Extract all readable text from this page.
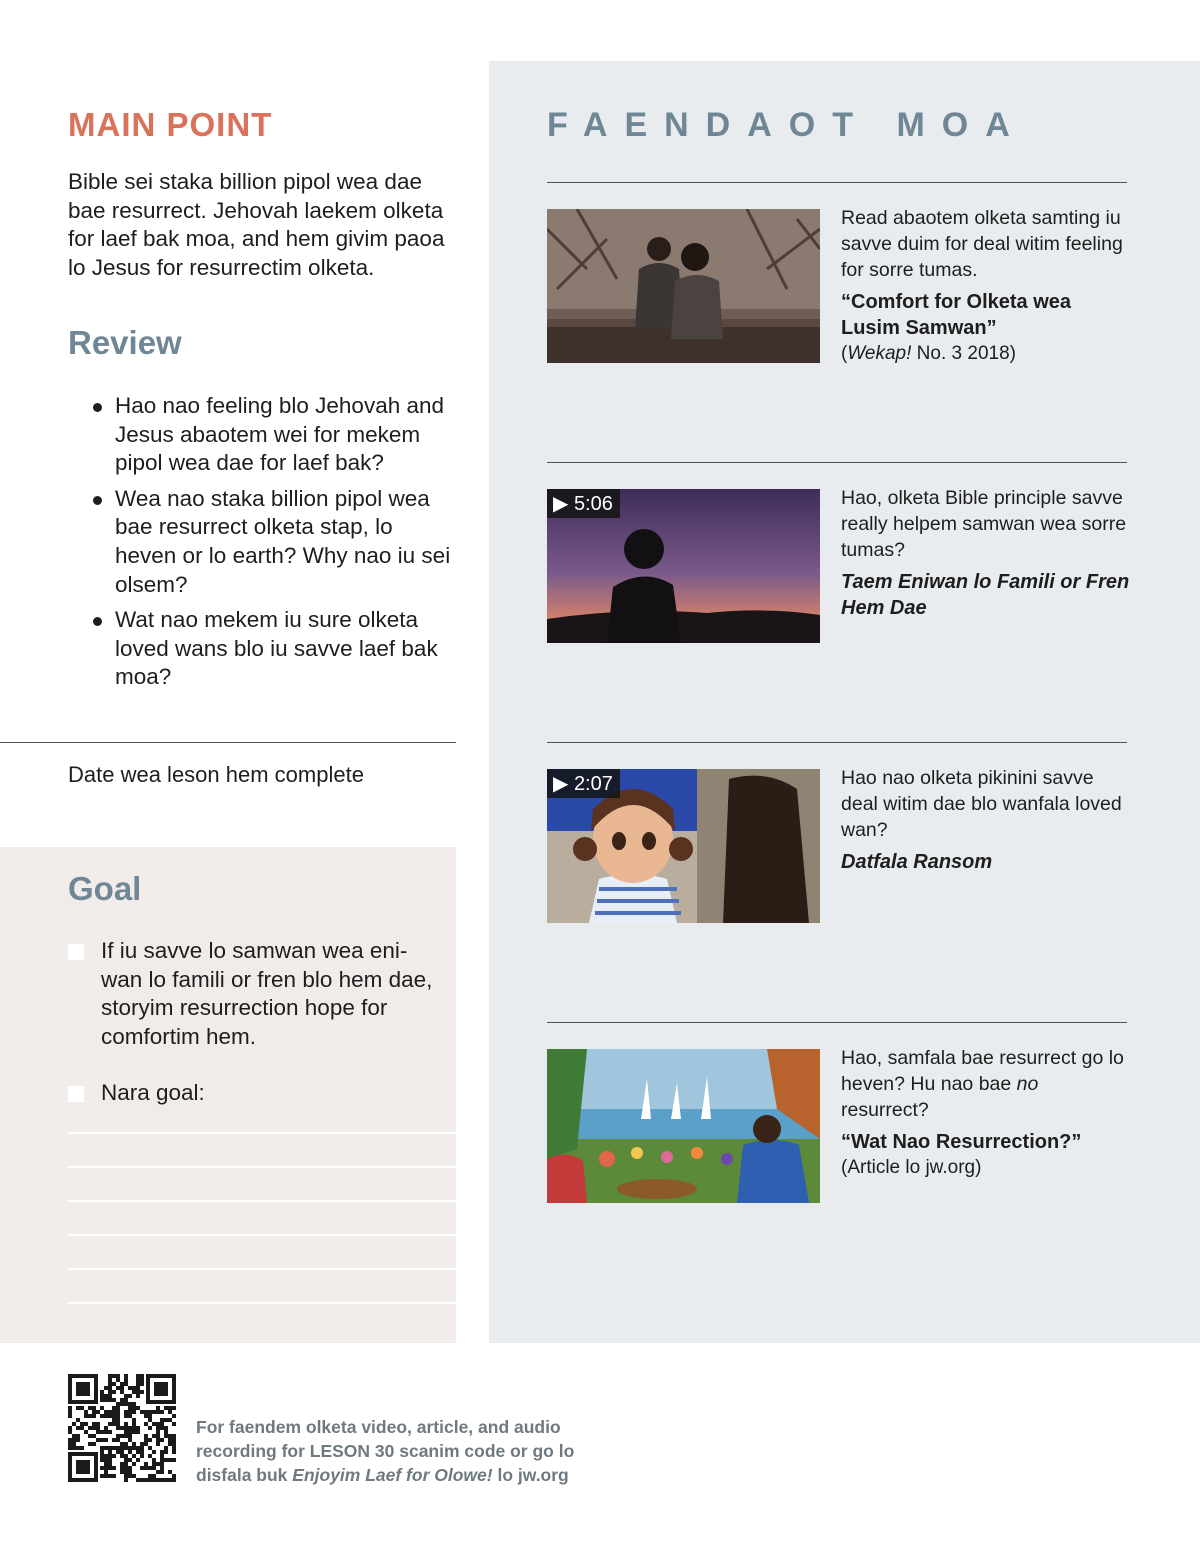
MAIN POINT

Bible sei staka billion pipol wea dae bae resurrect. Jehovah laekem olketa for laef bak moa, and hem givim paoa lo Jesus for resurrectim olketa.

Review
Hao nao feeling blo Jehovah and Jesus abaotem wei for mekem pipol wea dae for laef bak?
Wea nao staka billion pipol wea bae resurrect olketa stap, lo heven or lo earth? Why nao iu sei olsem?
Wat nao mekem iu sure olketa loved wans blo iu savve laef bak moa?

Date wea leson hem complete

Goal
If iu savve lo samwan wea eni- wan lo famili or fren blo hem dae, storyim resurrection hope for comfortim hem.
Nara goal:
FAENDAOT MOA

Read abaotem olketa samting iu savve duim for deal witim feeling for sorre tumas.

“Comfort for Olketa wea Lusim Samwan”

(Wekap! No. 3 2018)

▶ 5:06	Hao, olketa Bible principle savve really helpem samwan wea sorre tumas?

Taem Eniwan lo Famili or Fren Hem Dae

▶ 2:07	Hao nao olketa pikinini savve deal witim dae blo wanfala loved wan?

Datfala Ransom

Hao, samfala bae resurrect go lo heven? Hu nao bae no resurrect?

“Wat Nao Resurrection?”

(Article lo jw.org)

For faendem olketa video, article, and audio recording for LESON 30 scanim code or go lo disfala buk Enjoyim Laef for Olowe! lo jw.org
